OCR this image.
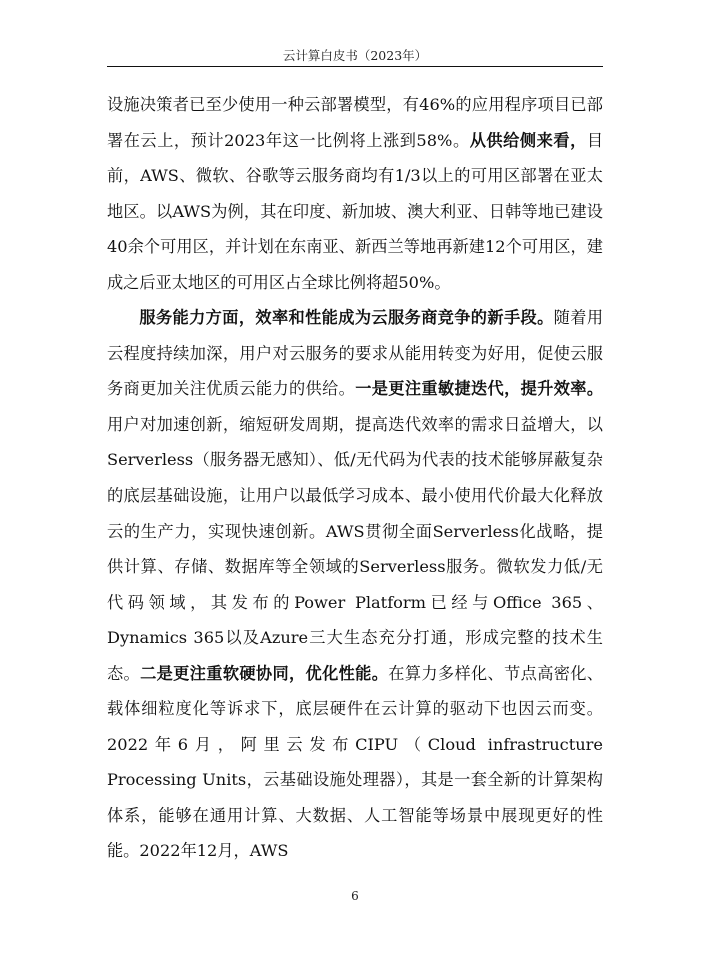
云计算白皮书（2023年）

设施决策者已至少使用一种云部署模型，有46%的应用程序项目已部署在云上，预计2023年这一比例将上涨到58%。从供给侧来看，目前，AWS、微软、谷歌等云服务商均有1/3以上的可用区部署在亚太地区。以AWS为例，其在印度、新加坡、澳大利亚、日韩等地已建设40余个可用区，并计划在东南亚、新西兰等地再新建12个可用区，建成之后亚太地区的可用区占全球比例将超50%。

服务能力方面，效率和性能成为云服务商竞争的新手段。随着用云程度持续加深，用户对云服务的要求从能用转变为好用，促使云服务商更加关注优质云能力的供给。一是更注重敏捷迭代，提升效率。用户对加速创新，缩短研发周期，提高迭代效率的需求日益增大，以Serverless（服务器无感知）、低/无代码为代表的技术能够屏蔽复杂的底层基础设施，让用户以最低学习成本、最小使用代价最大化释放云的生产力，实现快速创新。AWS贯彻全面Serverless化战略，提供计算、存储、数据库等全领域的Serverless服务。微软发力低/无代码领域，其发布的Power Platform已经与Office 365、Dynamics 365以及Azure三大生态充分打通，形成完整的技术生态。二是更注重软硬协同，优化性能。在算力多样化、节点高密化、载体细粒度化等诉求下，底层硬件在云计算的驱动下也因云而变。2022年6月，阿里云发布CIPU（Cloud infrastructure Processing Units，云基础设施处理器），其是一套全新的计算架构体系，能够在通用计算、大数据、人工智能等场景中展现更好的性能。2022年12月，AWS

6
